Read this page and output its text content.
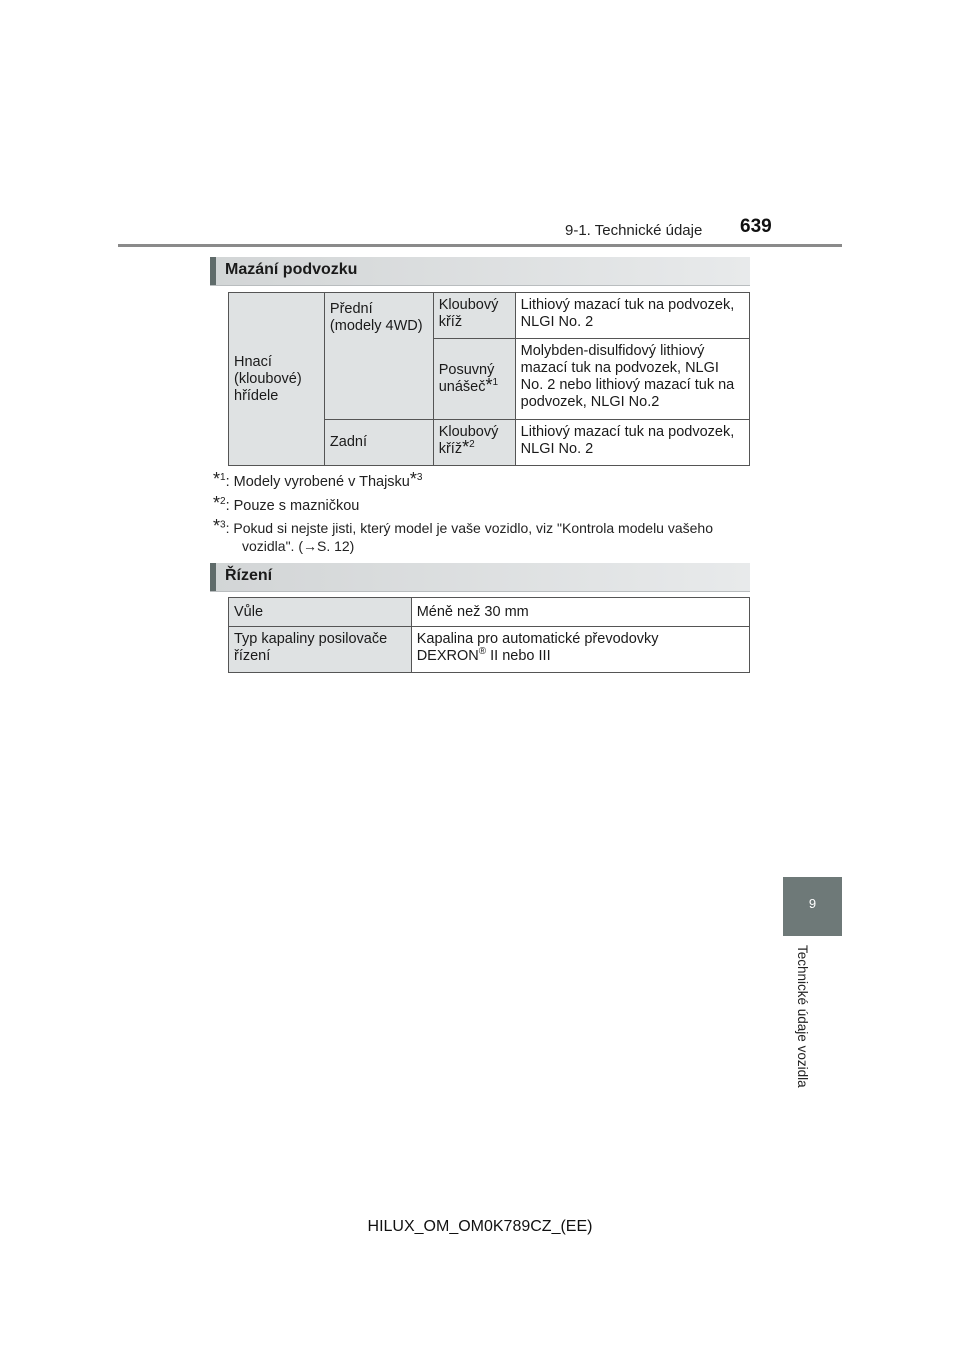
9-1. Technické údaje 639
Mazání podvozku
Hnací (kloubové) hřídele	Přední (modely 4WD)	Kloubový kříž	Lithiový mazací tuk na podvozek, NLGI No. 2
		Posuvný unášeč*$^1$	Molybden-disulfidový lithiový mazací tuk na podvozek, NLGI No. 2 nebo lithiový mazací tuk na podvozek, NLGI No.2
	Zadní	Kloubový kříž*$^2$	Lithiový mazací tuk na podvozek, NLGI No. 2
*$^1$: Modely vyrobené v Thajsku*$^3$
*$^2$: Pouze s mazničkou
*$^3$: Pokud si nejste jisti, který model je vaše vozidlo, viz "Kontrola modelu vašeho
vozidla". (→S. 12)
Řízení
Vůle	Méně než 30 mm
Typ kapaliny posilovače řízení	Kapalina pro automatické převodovky
DEXRON® II nebo III
9
Technické údaje vozidla
HILUX_OM_OM0K789CZ_(EE)
